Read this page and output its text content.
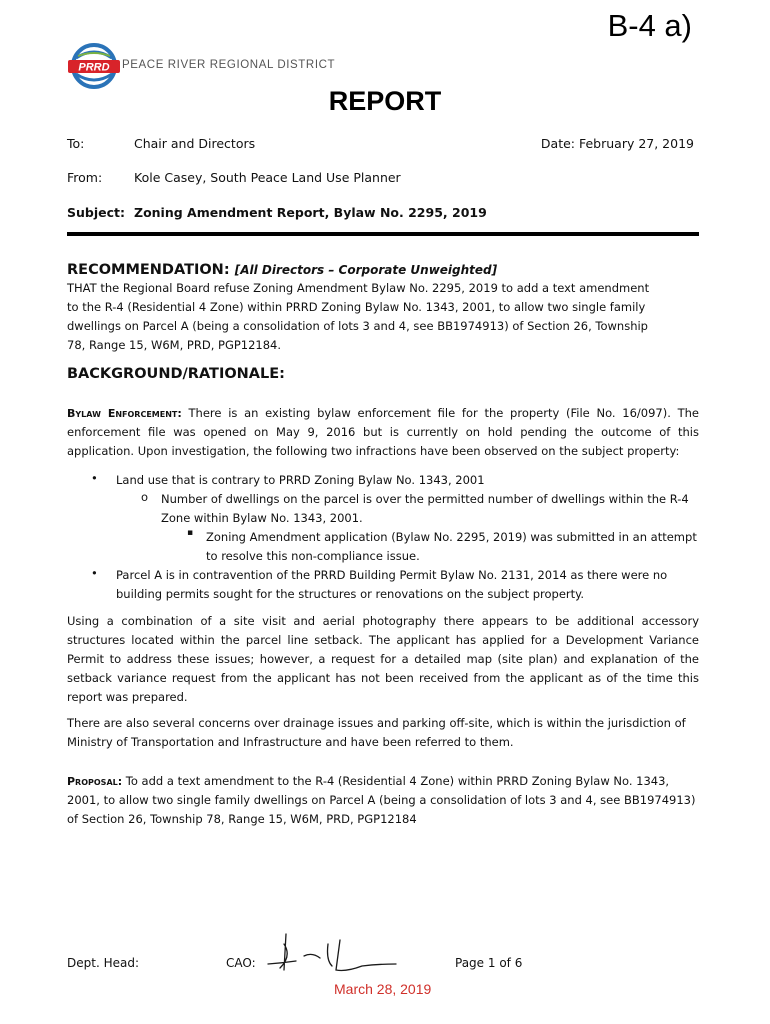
B-4 a)
PRRD PEACE RIVER REGIONAL DISTRICT
REPORT
To:	Chair and Directors	Date: February 27, 2019
From:	Kole Casey, South Peace Land Use Planner
Subject: Zoning Amendment Report, Bylaw No. 2295, 2019
RECOMMENDATION: [All Directors – Corporate Unweighted]
THAT the Regional Board refuse Zoning Amendment Bylaw No. 2295, 2019 to add a text amendment
to the R-4 (Residential 4 Zone) within PRRD Zoning Bylaw No. 1343, 2001, to allow two single family
dwellings on Parcel A (being a consolidation of lots 3 and 4, see BB1974913) of Section 26, Township
78, Range 15, W6M, PRD, PGP12184.
BACKGROUND/RATIONALE:
Bylaw Enforcement: There is an existing bylaw enforcement file for the property (File No. 16/097). The enforcement file was opened on May 9, 2016 but is currently on hold pending the outcome of this application. Upon investigation, the following two infractions have been observed on the subject property:
• Land use that is contrary to PRRD Zoning Bylaw No. 1343, 2001
o Number of dwellings on the parcel is over the permitted number of dwellings within the R-4
Zone within Bylaw No. 1343, 2001.
▪ Zoning Amendment application (Bylaw No. 2295, 2019) was submitted in an attempt
to resolve this non-compliance issue.
• Parcel A is in contravention of the PRRD Building Permit Bylaw No. 2131, 2014 as there were no
building permits sought for the structures or renovations on the subject property.
Using a combination of a site visit and aerial photography there appears to be additional accessory structures located within the parcel line setback. The applicant has applied for a Development Variance Permit to address these issues; however, a request for a detailed map (site plan) and explanation of the setback variance request from the applicant has not been received from the applicant as of the time this report was prepared.
There are also several concerns over drainage issues and parking off-site, which is within the jurisdiction of Ministry of Transportation and Infrastructure and have been referred to them.
Proposal: To add a text amendment to the R-4 (Residential 4 Zone) within PRRD Zoning Bylaw No. 1343, 2001, to allow two single family dwellings on Parcel A (being a consolidation of lots 3 and 4, see BB1974913) of Section 26, Township 78, Range 15, W6M, PRD, PGP12184
Dept. Head:	CAO:	Page 1 of 6
March 28, 2019
